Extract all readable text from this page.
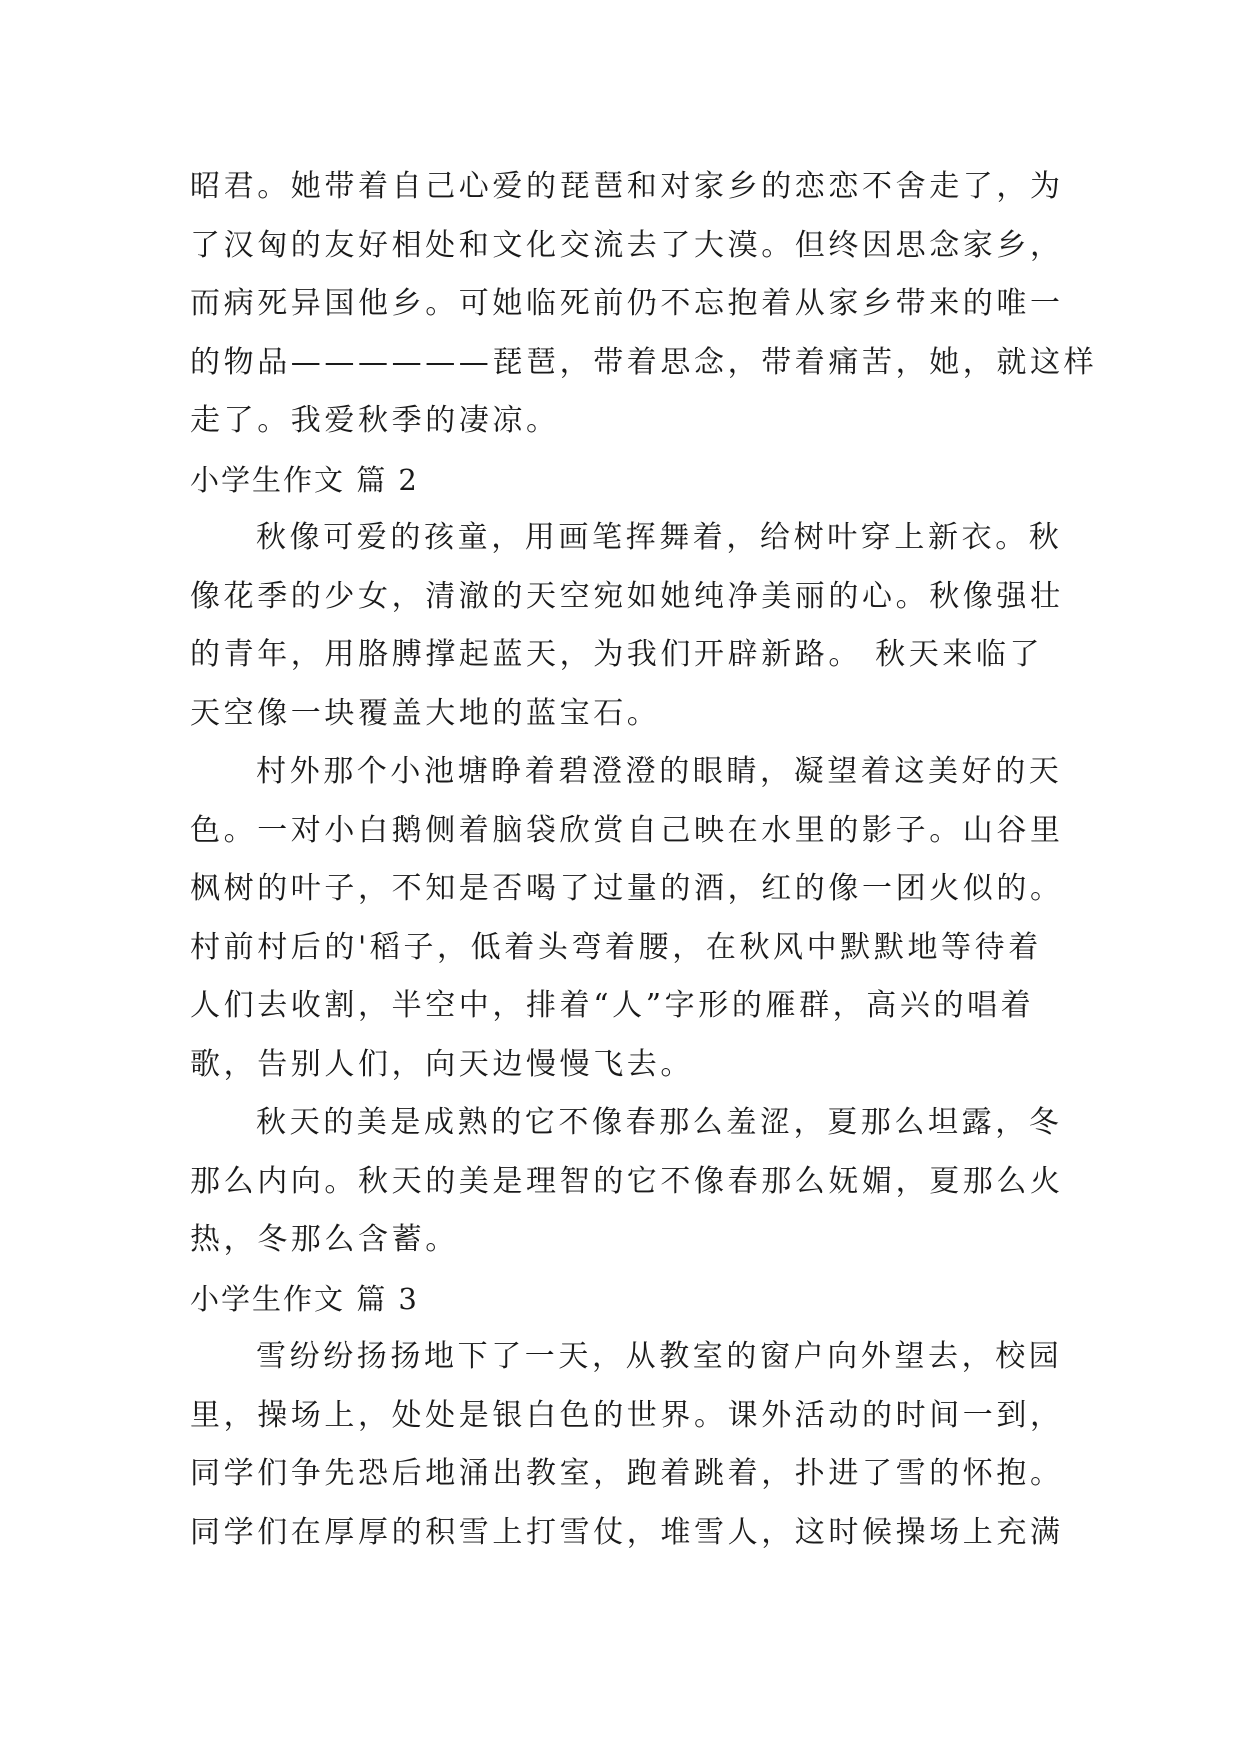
昭君。她带着自己心爱的琵琶和对家乡的恋恋不舍走了，为
了汉匈的友好相处和文化交流去了大漠。但终因思念家乡，
而病死异国他乡。可她临死前仍不忘抱着从家乡带来的唯一
的物品——————琵琶，带着思念，带着痛苦，她，就这样
走了。我爱秋季的凄凉。
小学生作文 篇 2
秋像可爱的孩童，用画笔挥舞着，给树叶穿上新衣。秋
像花季的少女，清澈的天空宛如她纯净美丽的心。秋像强壮
的青年，用胳膊撑起蓝天，为我们开辟新路。 秋天来临了
天空像一块覆盖大地的蓝宝石。
村外那个小池塘睁着碧澄澄的眼睛，凝望着这美好的天
色。一对小白鹅侧着脑袋欣赏自己映在水里的影子。山谷里
枫树的叶子，不知是否喝了过量的酒，红的像一团火似的。
村前村后的'稻子，低着头弯着腰，在秋风中默默地等待着
人们去收割，半空中，排着“人”字形的雁群，高兴的唱着
歌，告别人们，向天边慢慢飞去。
秋天的美是成熟的它不像春那么羞涩，夏那么坦露，冬
那么内向。秋天的美是理智的它不像春那么妩媚，夏那么火
热，冬那么含蓄。
小学生作文 篇 3
雪纷纷扬扬地下了一天，从教室的窗户向外望去，校园
里，操场上，处处是银白色的世界。课外活动的时间一到，
同学们争先恐后地涌出教室，跑着跳着，扑进了雪的怀抱。
同学们在厚厚的积雪上打雪仗，堆雪人，这时候操场上充满
